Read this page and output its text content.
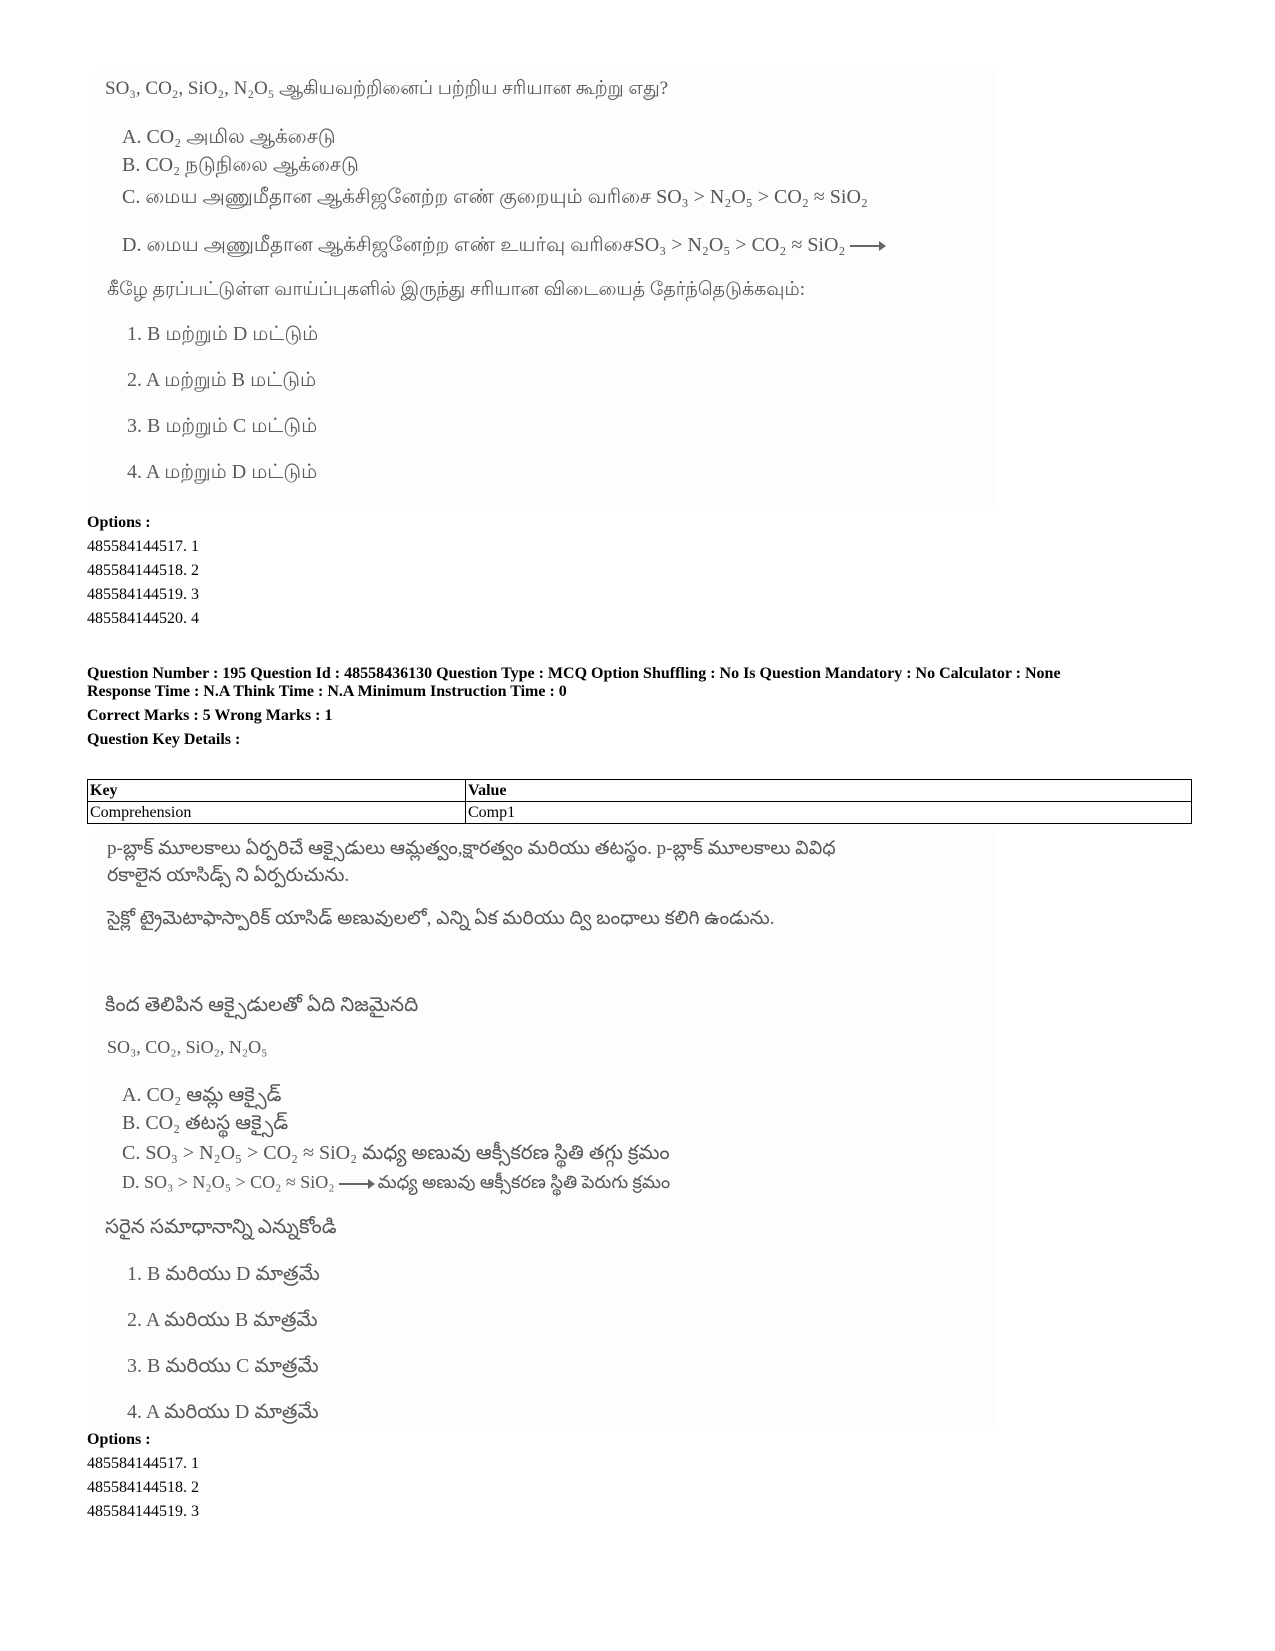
SO₃, CO₂, SiO₂, N₂O₅ ஆகியவற்றினைப் பற்றிய சரியான கூற்று எது?
A. CO₂ அமில ஆக்சைடு
B. CO₂ நடுநிலை ஆக்சைடு
C. மைய அணுமீதான ஆக்சிஜனேற்ற எண் குறையும் வரிசை SO₃ > N₂O₅ > CO₂ ≈ SiO₂
D. மைய அணுமீதான ஆக்சிஜனேற்ற எண் உயர்வு வரிசைSO₃ > N₂O₅ > CO₂ ≈ SiO₂
கீழே தரப்பட்டுள்ள வாய்ப்புகளில் இருந்து சரியான விடையைத் தேர்ந்தெடுக்கவும்:
1. B மற்றும் D மட்டும்
2. A மற்றும் B மட்டும்
3. B மற்றும் C மட்டும்
4. A மற்றும் D மட்டும்
Options :
485584144517. 1
485584144518. 2
485584144519. 3
485584144520. 4
Question Number : 195 Question Id : 48558436130 Question Type : MCQ Option Shuffling : No Is Question Mandatory : No Calculator : None
Response Time : N.A Think Time : N.A Minimum Instruction Time : 0
Correct Marks : 5 Wrong Marks : 1
Question Key Details :
Key	Value
Comprehension	Comp1
p-బ్లాక్ మూలకాలు ఏర్పరిచే ఆక్సైడులు ఆమ్లత్వం,క్షారత్వం మరియు తటస్థం. p-బ్లాక్ మూలకాలు వివిధ
రకాలైన యాసిడ్స్ ని ఏర్పరుచును.
సైక్లో ట్రైమెటాఫాస్పారిక్ యాసిడ్ అణువులలో, ఎన్ని ఏక మరియు ద్వి బంధాలు కలిగి ఉండును.
కింద తెలిపిన ఆక్సైడులతో ఏది నిజమైనది
SO₃, CO₂, SiO₂, N₂O₅
A. CO₂ ఆమ్ల ఆక్సైడ్
B. CO₂ తటస్థ ఆక్సైడ్
C. SO₃ > N₂O₅ > CO₂ ≈ SiO₂ మధ్య అణువు ఆక్సీకరణ స్థితి తగ్గు క్రమం
D. SO₃ > N₂O₅ > CO₂ ≈ SiO₂ మధ్య అణువు ఆక్సీకరణ స్థితి పెరుగు క్రమం
సరైన సమాధానాన్ని ఎన్నుకోండి
1. B మరియు D మాత్రమే
2. A మరియు B మాత్రమే
3. B మరియు C మాత్రమే
4. A మరియు D మాత్రమే
Options :
485584144517. 1
485584144518. 2
485584144519. 3
